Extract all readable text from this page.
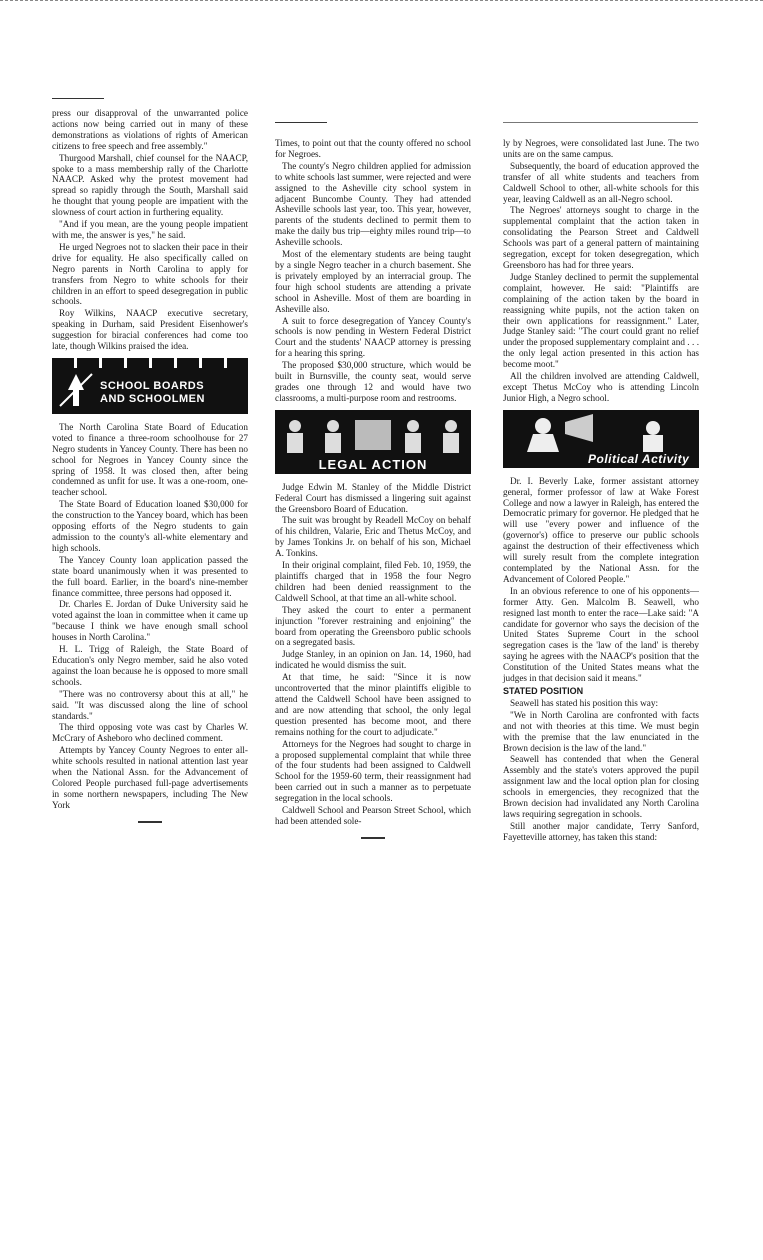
press our disapproval of the unwarranted police actions now being carried out in many of these demonstrations as violations of rights of American citizens to free speech and free assembly."

Thurgood Marshall, chief counsel for the NAACP, spoke to a mass membership rally of the Charlotte NAACP. Asked why the protest movement had spread so rapidly through the South, Marshall said he thought that young people are impatient with the slowness of court action in furthering equality.

"And if you mean, are the young people impatient with me, the answer is yes," he said.

He urged Negroes not to slacken their pace in their drive for equality. He also specifically called on Negro parents in North Carolina to apply for transfers from Negro to white schools for their children in an effort to speed desegregation in public schools.

Roy Wilkins, NAACP executive secretary, speaking in Durham, said President Eisenhower's suggestion for biracial conferences had come too late, though Wilkins praised the idea.

SCHOOL BOARDS
AND SCHOOLMEN

The North Carolina State Board of Education voted to finance a three-room schoolhouse for 27 Negro students in Yancey County. There has been no school for Negroes in Yancey County since the spring of 1958. It was closed then, after being condemned as unfit for use. It was a one-room, one-teacher school.

The State Board of Education loaned $30,000 for the construction to the Yancey board, which has been opposing efforts of the Negro students to gain admission to the county's all-white elementary and high schools.

The Yancey County loan application passed the state board unanimously when it was presented to the full board. Earlier, in the board's nine-member finance committee, three persons had opposed it.

Dr. Charles E. Jordan of Duke University said he voted against the loan in committee when it came up "because I think we have enough small school houses in North Carolina."

H. L. Trigg of Raleigh, the State Board of Education's only Negro member, said he also voted against the loan because he is opposed to more small schools.

"There was no controversy about this at all," he said. "It was discussed along the line of school standards."

The third opposing vote was cast by Charles W. McCrary of Asheboro who declined comment.

Attempts by Yancey County Negroes to enter all-white schools resulted in national attention last year when the National Assn. for the Advancement of Colored People purchased full-page advertisements in some northern newspapers, including The New York

Times, to point out that the county offered no school for Negroes.

The county's Negro children applied for admission to white schools last summer, were rejected and were assigned to the Asheville city school system in adjacent Buncombe County. They had attended Asheville schools last year, too. This year, however, parents of the students declined to permit them to make the daily bus trip—eighty miles round trip—to Asheville schools.

Most of the elementary students are being taught by a single Negro teacher in a church basement. She is privately employed by an interracial group. The four high school students are attending a private school in Asheville. Most of them are boarding in Asheville also.

A suit to force desegregation of Yancey County's schools is now pending in Western Federal District Court and the students' NAACP attorney is pressing for a hearing this spring.

The proposed $30,000 structure, which would be built in Burnsville, the county seat, would serve grades one through 12 and would have two classrooms, a multi-purpose room and restrooms.

LEGAL ACTION

Judge Edwin M. Stanley of the Middle District Federal Court has dismissed a lingering suit against the Greensboro Board of Education.

The suit was brought by Readell McCoy on behalf of his children, Valarie, Eric and Thetus McCoy, and by James Tonkins Jr. on behalf of his son, Michael A. Tonkins.

In their original complaint, filed Feb. 10, 1959, the plaintiffs charged that in 1958 the four Negro children had been denied reassignment to the Caldwell School, at that time an all-white school.

They asked the court to enter a permanent injunction "forever restraining and enjoining" the board from operating the Greensboro public schools on a segregated basis.

Judge Stanley, in an opinion on Jan. 14, 1960, had indicated he would dismiss the suit.

At that time, he said: "Since it is now uncontroverted that the minor plaintiffs eligible to attend the Caldwell School have been assigned to and are now attending that school, the only legal question presented has become moot, and there remains nothing for the court to adjudicate."

Attorneys for the Negroes had sought to charge in a proposed supplemental complaint that while three of the four students had been assigned to Caldwell School for the 1959-60 term, their reassignment had been carried out in such a manner as to perpetuate segregation in the local schools.

Caldwell School and Pearson Street School, which had been attended sole-

ly by Negroes, were consolidated last June. The two units are on the same campus.

Subsequently, the board of education approved the transfer of all white students and teachers from Caldwell School to other, all-white schools for this year, leaving Caldwell as an all-Negro school.

The Negroes' attorneys sought to charge in the supplemental complaint that the action taken in consolidating the Pearson Street and Caldwell Schools was part of a general pattern of maintaining segregation, except for token desegregation, which Greensboro has had for three years.

Judge Stanley declined to permit the supplemental complaint, however. He said: "Plaintiffs are complaining of the action taken by the board in reassigning white pupils, not the action taken on their own applications for reassignment." Later, Judge Stanley said: "The court could grant no relief under the proposed supplementary complaint and . . . the only legal action presented in this action has become moot."

All the children involved are attending Caldwell, except Thetus McCoy who is attending Lincoln Junior High, a Negro school.

Political Activity

Dr. I. Beverly Lake, former assistant attorney general, former professor of law at Wake Forest College and now a lawyer in Raleigh, has entered the Democratic primary for governor. He pledged that he will use "every power and influence of the (governor's) office to preserve our public schools against the destruction of their effectiveness which will surely result from the complete integration contemplated by the National Assn. for the Advancement of Colored People."

In an obvious reference to one of his opponents—former Atty. Gen. Malcolm B. Seawell, who resigned last month to enter the race—Lake said: "A candidate for governor who says the decision of the United States Supreme Court in the school segregation cases is the 'law of the land' is thereby saying he agrees with the NAACP's position that the Constitution of the United States means what the judges in that decision said it means."

STATED POSITION

Seawell has stated his position this way:

"We in North Carolina are confronted with facts and not with theories at this time. We must begin with the premise that the law enunciated in the Brown decision is the law of the land."

Seawell has contended that when the General Assembly and the state's voters approved the pupil assignment law and the local option plan for closing schools in emergencies, they recognized that the Brown decision had invalidated any North Carolina laws requiring segregation in schools.

Still another major candidate, Terry Sanford, Fayetteville attorney, has taken this stand:
